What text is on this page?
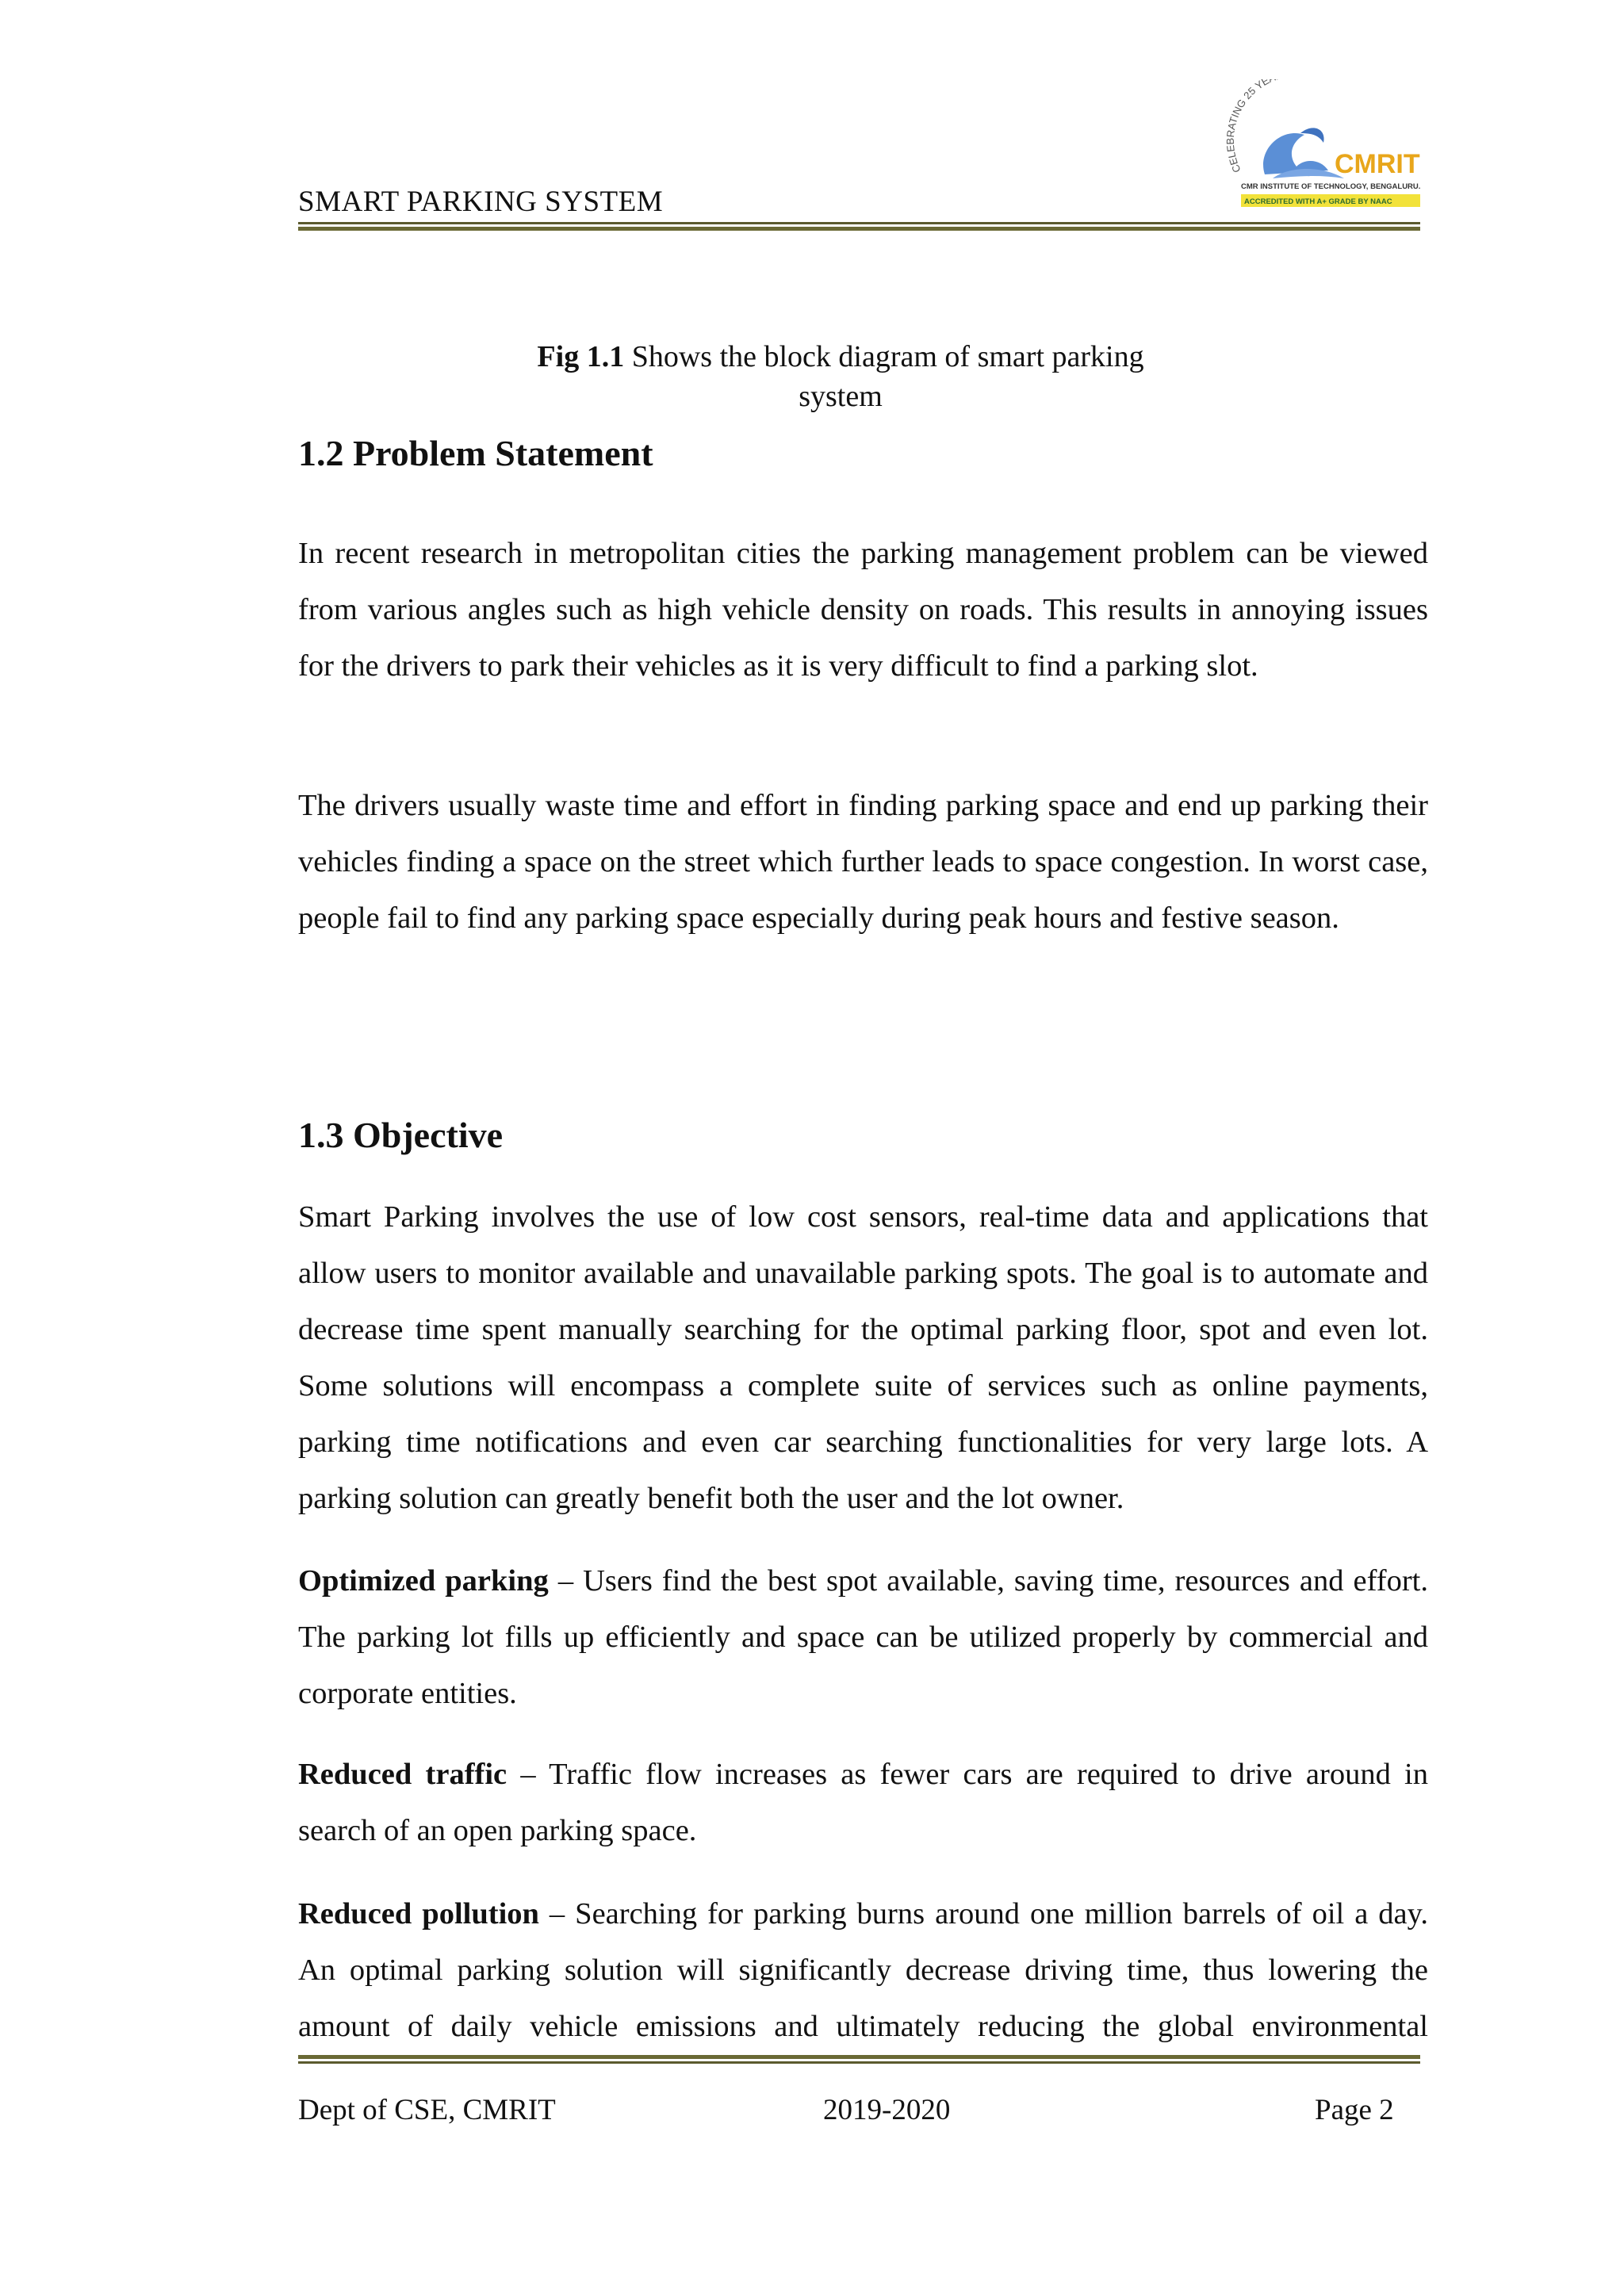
SMART PARKING SYSTEM
CELEBRATING 25 YE
CMRIT
CMR INSTITUTE OF TECHNOLOGY, BENGALURU.
ACCREDITED WITH A+ GRADE BY NAAC
Fig 1.1 Shows the block diagram of smart parking
system
1.2 Problem Statement

In recent research in metropolitan cities the parking management problem can be viewed from various angles such as high vehicle density on roads. This results in annoying issues for the drivers to park their vehicles as it is very difficult to find a parking slot.

The drivers usually waste time and effort in finding parking space and end up parking their vehicles finding a space on the street which further leads to space congestion. In worst case, people fail to find any parking space especially during peak hours and festive season.

1.3 Objective

Smart Parking involves the use of low cost sensors, real-time data and applications that allow users to monitor available and unavailable parking spots. The goal is to automate and decrease time spent manually searching for the optimal parking floor, spot and even lot. Some solutions will encompass a complete suite of services such as online payments, parking time notifications and even car searching functionalities for very large lots. A parking solution can greatly benefit both the user and the lot owner.

Optimized parking – Users find the best spot available, saving time, resources and effort. The parking lot fills up efficiently and space can be utilized properly by commercial and corporate entities.

Reduced traffic – Traffic flow increases as fewer cars are required to drive around in search of an open parking space.

Reduced pollution – Searching for parking burns around one million barrels of oil a day. An optimal parking solution will significantly decrease driving time, thus lowering the amount of daily vehicle emissions and ultimately reducing the global environmental

Dept of CSE, CMRIT	2019-2020	Page 2
